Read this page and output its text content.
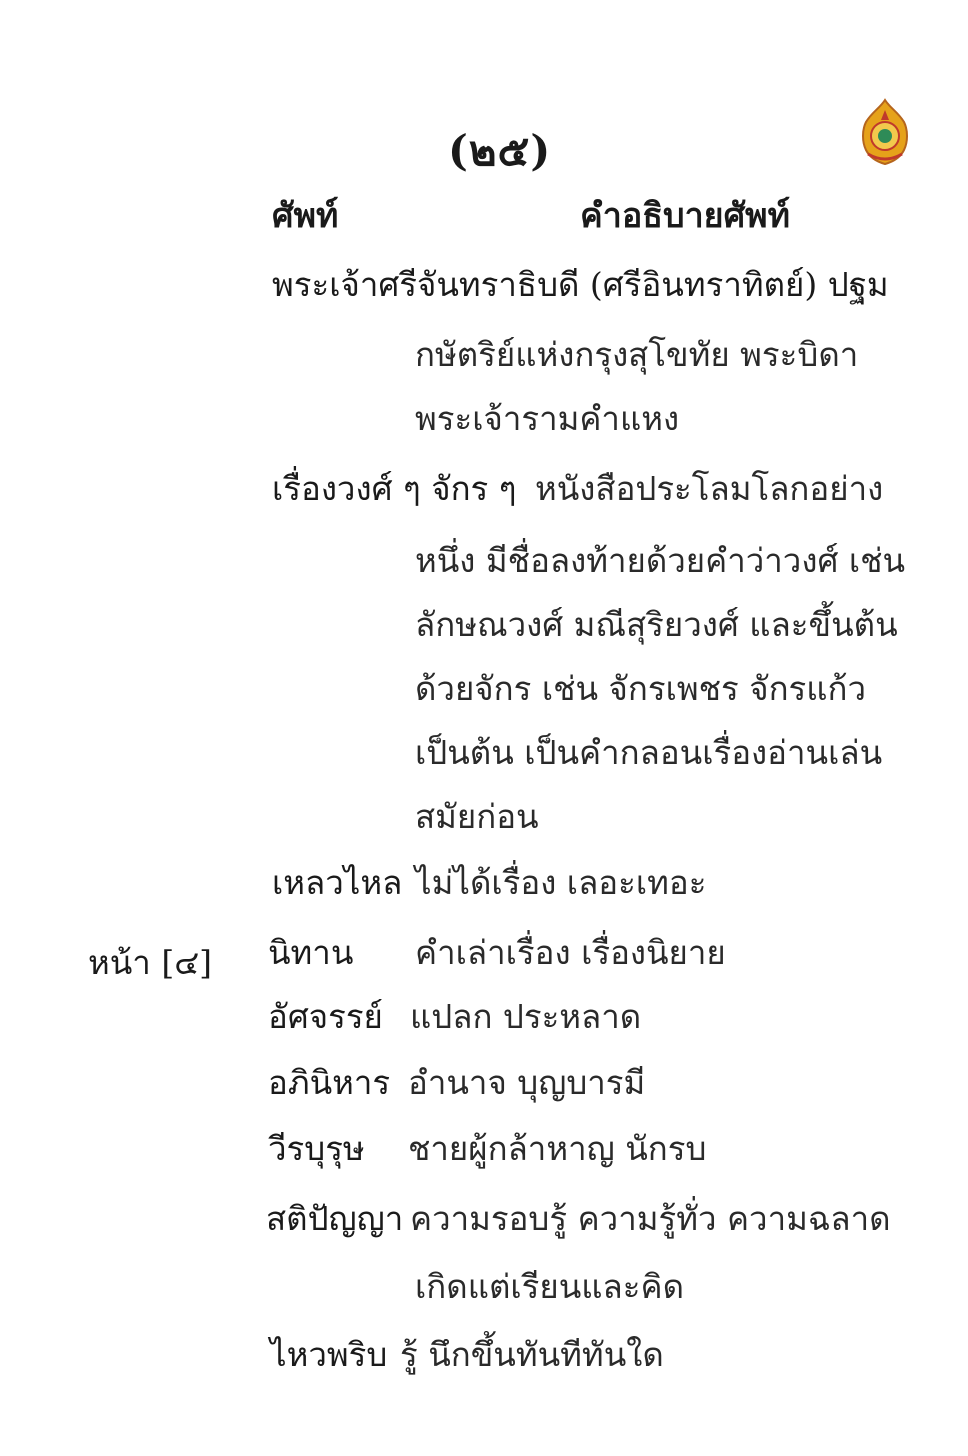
(๒๕)
ศัพท์	คำอธิบายศัพท์
พระเจ้าศรีจันทราธิบดี (ศรีอินทราทิตย์) ปฐม
กษัตริย์แห่งกรุงสุโขทัย พระบิดา
พระเจ้ารามคำแหง
เรื่องวงศ์ ๆ จักร ๆ หนังสือประโลมโลกอย่าง
หนึ่ง มีชื่อลงท้ายด้วยคำว่าวงศ์ เช่น
ลักษณวงศ์ มณีสุริยวงศ์ และขึ้นต้น
ด้วยจักร เช่น จักรเพชร จักรแก้ว
เป็นต้น เป็นคำกลอนเรื่องอ่านเล่น
สมัยก่อน
เหลวไหล ไม่ได้เรื่อง เลอะเทอะ
หน้า [๔] นิทาน คำเล่าเรื่อง เรื่องนิยาย
อัศจรรย์ แปลก ประหลาด
อภินิหาร อำนาจ บุญบารมี
วีรบุรุษ ชายผู้กล้าหาญ นักรบ
สติปัญญา ความรอบรู้ ความรู้ทั่ว ความฉลาด
เกิดแต่เรียนและคิด
ไหวพริบ รู้ นึกขึ้นทันทีทันใด
